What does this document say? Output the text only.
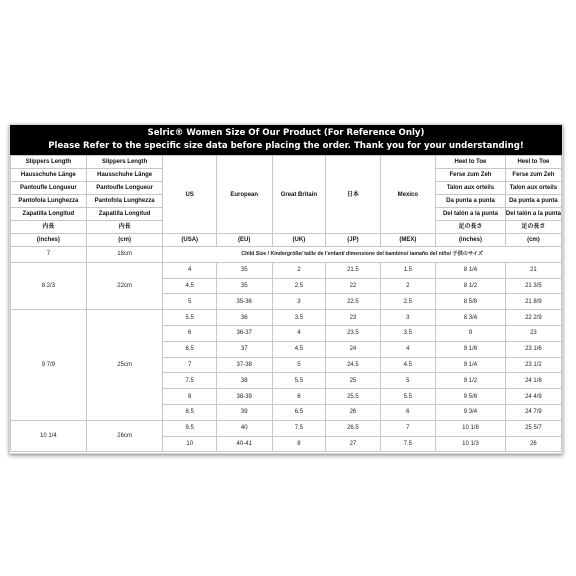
Selric® Women Size Of Our Product (For Reference Only)
Please Refer to the specific size data before placing the order. Thank you for your understanding!
Slippers Length	Slippers Length	US	European	Great Britain	日本	Mexico	Heel to Toe	Heel to Toe
Hausschuhe Länge	Hausschuhe Länge						Ferse zum Zeh	Ferse zum Zeh
Pantoufle Longueur	Pantoufle Longueur						Talon aux orteils	Talon aux orteils
Pantofola Lunghezza	Pantofola Lunghezza						Da punta a punta	Da punta a punta
Zapatilla Longitud	Zapatilla Longitud						Del talón a la punta	Del talón a la punta
内長	内長						足の長さ	足の長さ
(inches)	(cm)	(USA)	(EU)	(UK)	(JP)	(MEX)	(inches)	(cm)
7	18cm	Child Size / Kindergröße/ taille de l'enfant/ dimensione del bambino/ tamaño del niño/ 子供のサイズ						
8 2/3	22cm	4	35	2	21.5	1.5	8 1/4	21
		4.5	35	2.5	22	2	8 1/2	21 3/5
		5	35-36	3	22.5	2.5	8 5/8	21 8/9
9 7/9	25cm	5.5	36	3.5	23	3	8 3/4	22 2/9
		6	36-37	4	23.5	3.5	9	23
		6.5	37	4.5	24	4	9 1/8	23 1/6
		7	37-38	5	24.5	4.5	9 1/4	23 1/2
		7.5	38	5.5	25	5	9 1/2	24 1/8
		8	38-39	6	25.5	5.5	9 5/8	24 4/9
		8.5	39	6.5	26	6	9 3/4	24 7/9
10 1/4	26cm	9.5	40	7.5	26.5	7	10 1/8	25 5/7
		10	40-41	8	27	7.5	10 1/3	26
